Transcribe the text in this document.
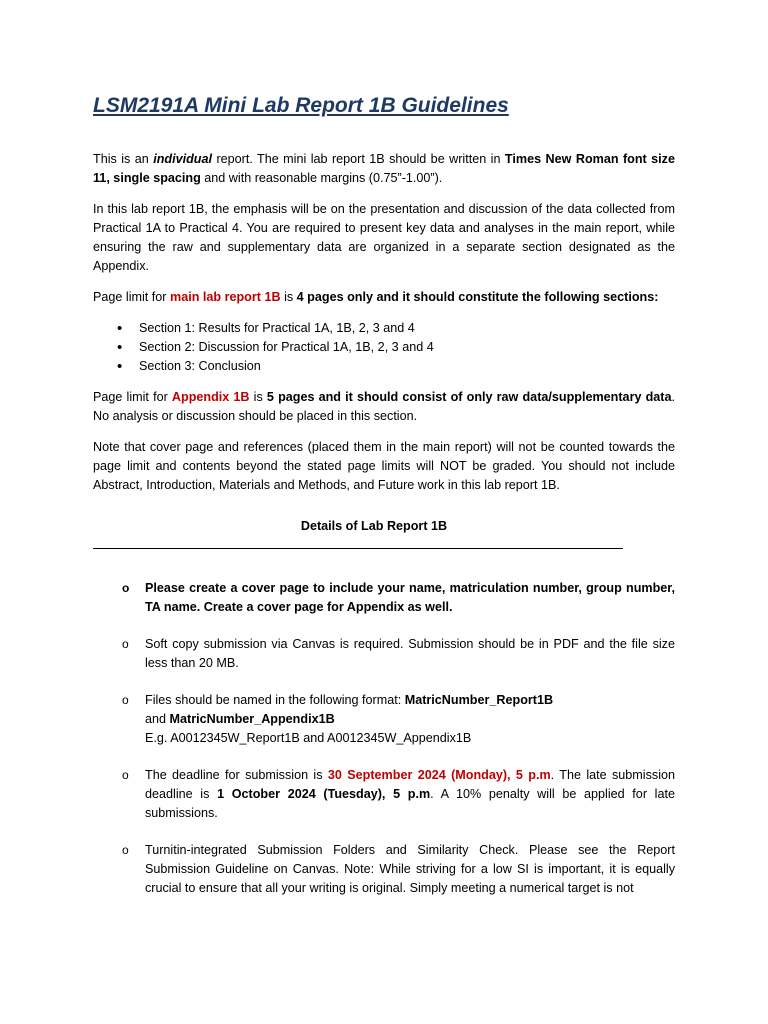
LSM2191A Mini Lab Report 1B Guidelines

This is an individual report. The mini lab report 1B should be written in Times New Roman font size 11, single spacing and with reasonable margins (0.75”-1.00”).

In this lab report 1B, the emphasis will be on the presentation and discussion of the data collected from Practical 1A to Practical 4. You are required to present key data and analyses in the main report, while ensuring the raw and supplementary data are organized in a separate section designated as the Appendix.

Page limit for main lab report 1B is 4 pages only and it should constitute the following sections:

• Section 1: Results for Practical 1A, 1B, 2, 3 and 4
• Section 2: Discussion for Practical 1A, 1B, 2, 3 and 4
• Section 3: Conclusion

Page limit for Appendix 1B is 5 pages and it should consist of only raw data/supplementary data. No analysis or discussion should be placed in this section.

Note that cover page and references (placed them in the main report) will not be counted towards the page limit and contents beyond the stated page limits will NOT be graded. You should not include Abstract, Introduction, Materials and Methods, and Future work in this lab report 1B.

Details of Lab Report 1B
o Please create a cover page to include your name, matriculation number, group number, TA name. Create a cover page for Appendix as well.
o Soft copy submission via Canvas is required. Submission should be in PDF and the file size less than 20 MB.
o Files should be named in the following format: MatricNumber_Report1B
and MatricNumber_Appendix1B
E.g. A0012345W_Report1B and A0012345W_Appendix1B
o The deadline for submission is 30 September 2024 (Monday), 5 p.m. The late submission deadline is 1 October 2024 (Tuesday), 5 p.m. A 10% penalty will be applied for late submissions.
o Turnitin-integrated Submission Folders and Similarity Check. Please see the Report Submission Guideline on Canvas. Note: While striving for a low SI is important, it is equally crucial to ensure that all your writing is original. Simply meeting a numerical target is not
